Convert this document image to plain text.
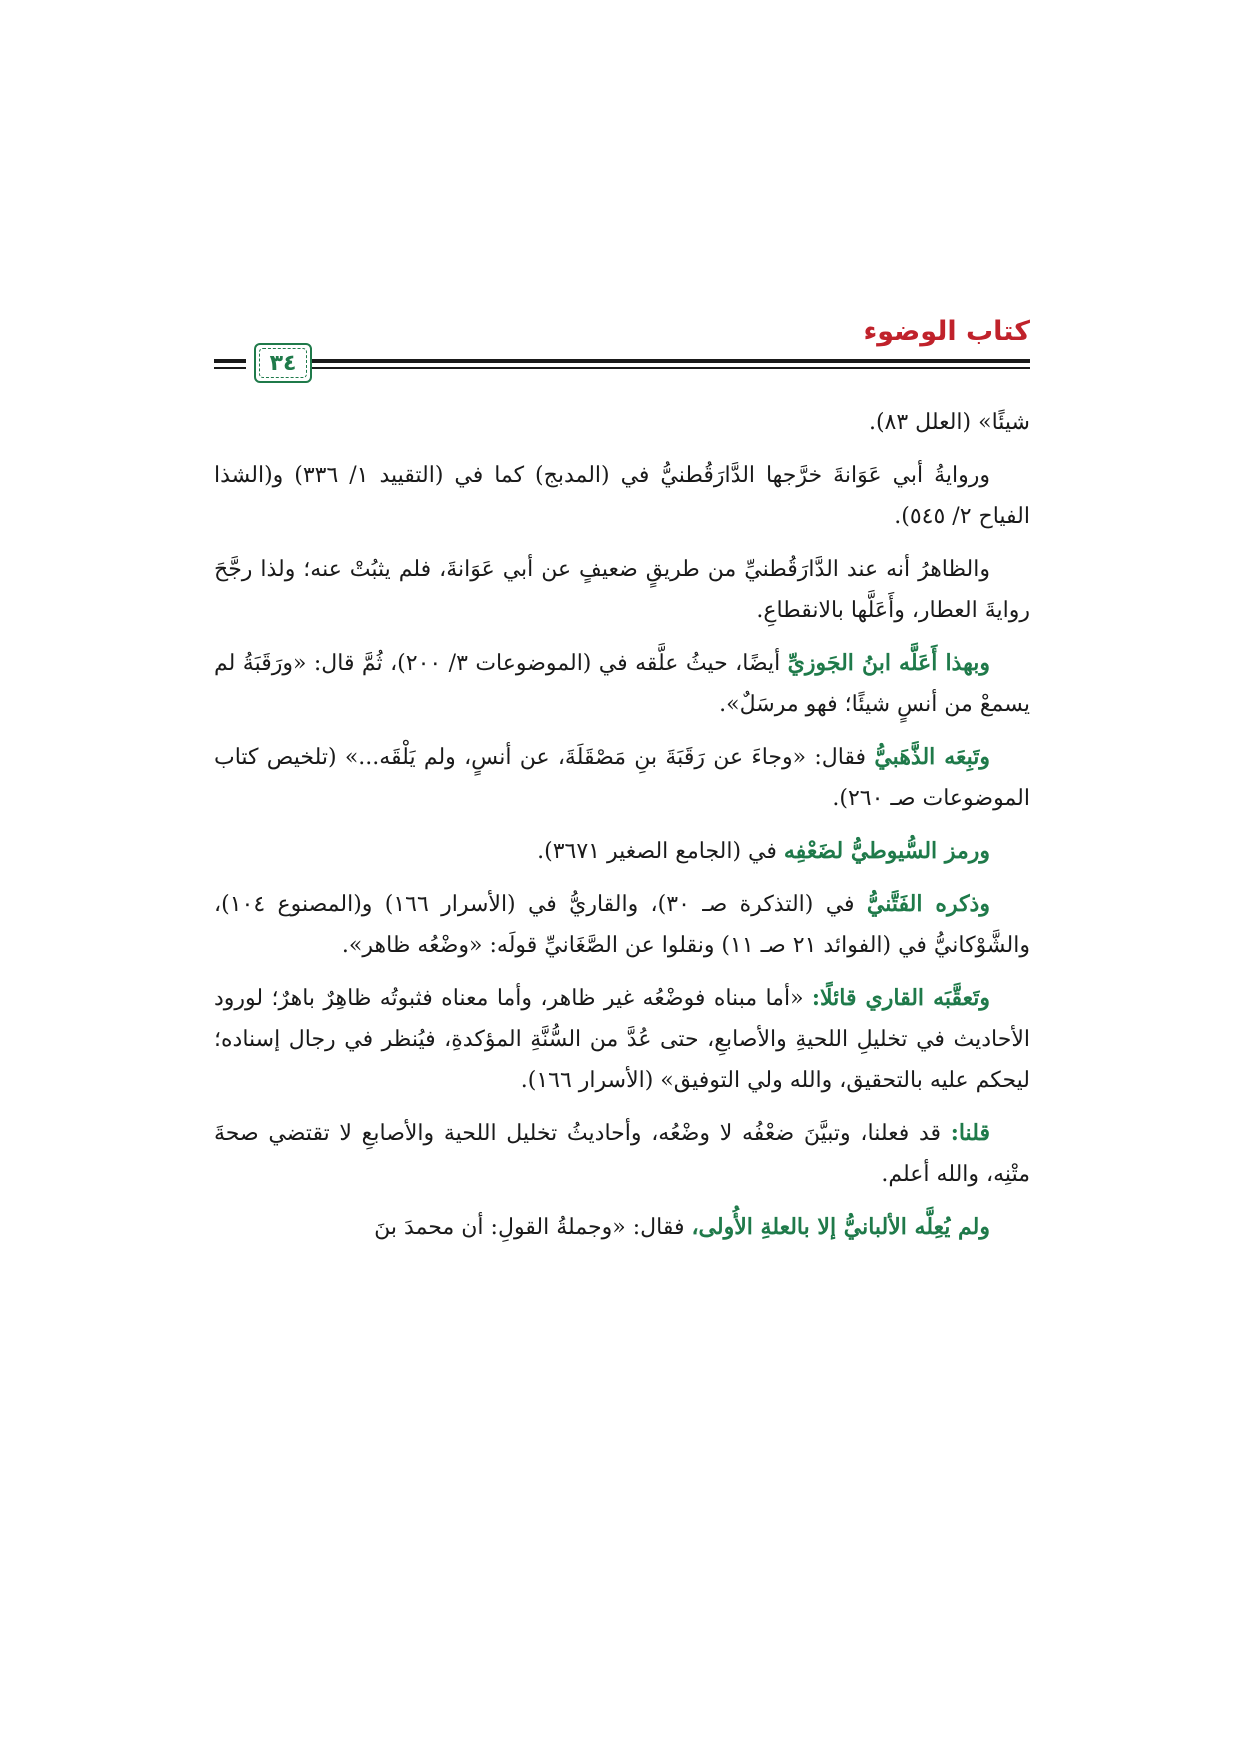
كتاب الوضوء
٣٤

شيئًا» (العلل ٨٣).

وروايةُ أبي عَوَانةَ خرَّجها الدَّارَقُطنيُّ في (المدبج) كما في (التقييد ١/ ٣٣٦) و(الشذا الفياح ٢/ ٥٤٥).

والظاهرُ أنه عند الدَّارَقُطنيِّ من طريقٍ ضعيفٍ عن أبي عَوَانةَ، فلم يثبُتْ عنه؛ ولذا رجَّحَ روايةَ العطار، وأَعَلَّها بالانقطاعِ.

وبهذا أَعَلَّه ابنُ الجَوزيِّ أيضًا، حيثُ علَّقه في (الموضوعات ٣/ ٢٠٠)، ثُمَّ قال: «ورَقَبَةُ لم يسمعْ من أنسٍ شيئًا؛ فهو مرسَلٌ».

وتَبِعَه الذَّهَبيُّ فقال: «وجاءَ عن رَقَبَةَ بنِ مَصْقَلَةَ، عن أنسٍ، ولم يَلْقَه...» (تلخيص كتاب الموضوعات صـ ٢٦٠).

ورمز السُّيوطيُّ لضَعْفِه في (الجامع الصغير ٣٦٧١).

وذكره الفَتَّنيُّ في (التذكرة صـ ٣٠)، والقاريُّ في (الأسرار ١٦٦) و(المصنوع ١٠٤)، والشَّوْكانيُّ في (الفوائد ٢١ صـ ١١) ونقلوا عن الصَّغَانيِّ قولَه: «وضْعُه ظاهر».

وتَعقَّبَه القاري قائلًا: «أما مبناه فوضْعُه غير ظاهر، وأما معناه فثبوتُه ظاهِرٌ باهرٌ؛ لورود الأحاديث في تخليلِ اللحيةِ والأصابعِ، حتى عُدَّ من السُّنَّةِ المؤكدةِ، فيُنظر في رجال إسناده؛ ليحكم عليه بالتحقيق، والله ولي التوفيق» (الأسرار ١٦٦).

قلنا: قد فعلنا، وتبيَّنَ ضعْفُه لا وضْعُه، وأحاديثُ تخليل اللحية والأصابعِ لا تقتضي صحةَ متْنِه، والله أعلم.

ولم يُعِلَّه الألبانيُّ إلا بالعلةِ الأُولى، فقال: «وجملةُ القولِ: أن محمدَ بنَ
